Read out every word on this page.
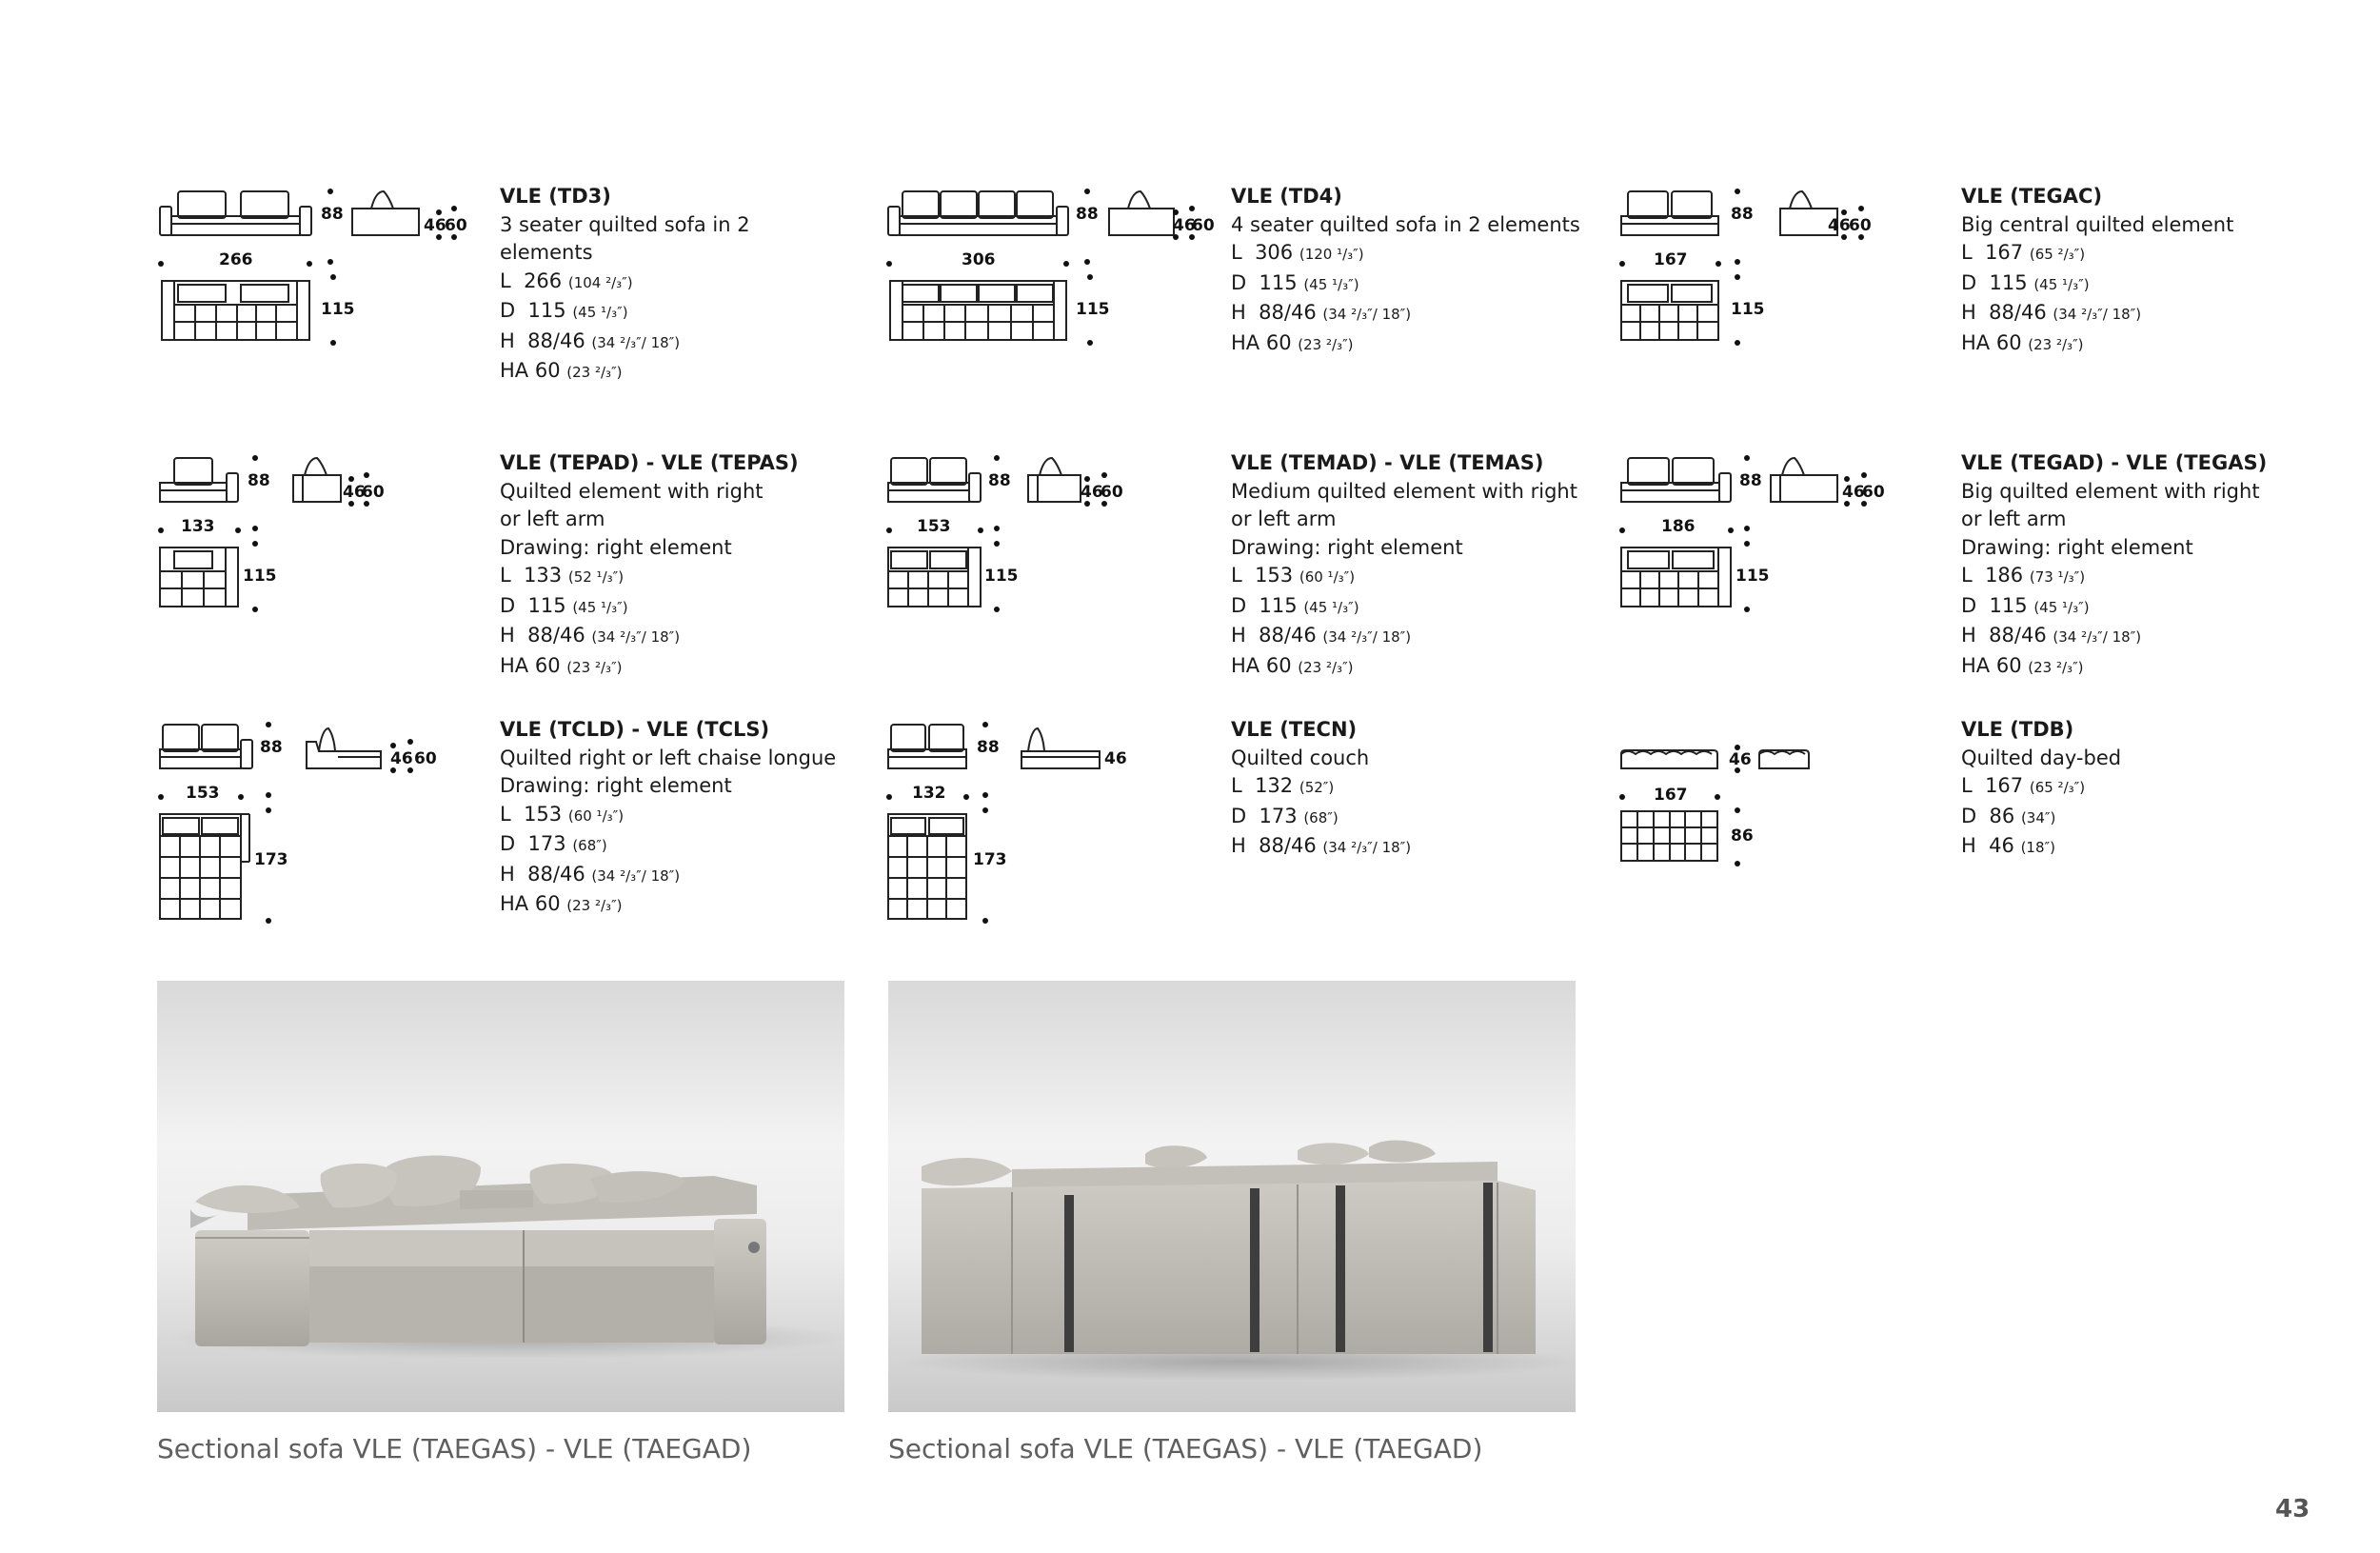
88
266
115
46
60
VLE (TD3)
3 seater quilted sofa in 2
elements
L 266 (104 ²/₃″)
D 115 (45 ¹/₃″)
H 88/46 (34 ²/₃″/ 18″)
HA 60 (23 ²/₃″)
88
306
115
46
60
VLE (TD4)
4 seater quilted sofa in 2 elements
L 306 (120 ¹/₃″)
D 115 (45 ¹/₃″)
H 88/46 (34 ²/₃″/ 18″)
HA 60 (23 ²/₃″)
88
167
115
46
60
VLE (TEGAC)
Big central quilted element
L 167 (65 ²/₃″)
D 115 (45 ¹/₃″)
H 88/46 (34 ²/₃″/ 18″)
HA 60 (23 ²/₃″)
88
133
115
46
60
VLE (TEPAD) - VLE (TEPAS)
Quilted element with right
or left arm
Drawing: right element
L 133 (52 ¹/₃″)
D 115 (45 ¹/₃″)
H 88/46 (34 ²/₃″/ 18″)
HA 60 (23 ²/₃″)
88
153
115
46
60
VLE (TEMAD) - VLE (TEMAS)
Medium quilted element with right
or left arm
Drawing: right element
L 153 (60 ¹/₃″)
D 115 (45 ¹/₃″)
H 88/46 (34 ²/₃″/ 18″)
HA 60 (23 ²/₃″)
88
186
115
46
60
VLE (TEGAD) - VLE (TEGAS)
Big quilted element with right
or left arm
Drawing: right element
L 186 (73 ¹/₃″)
D 115 (45 ¹/₃″)
H 88/46 (34 ²/₃″/ 18″)
HA 60 (23 ²/₃″)
88
153
173
46 60
VLE (TCLD) - VLE (TCLS)
Quilted right or left chaise longue
Drawing: right element
L 153 (60 ¹/₃″)
D 173 (68″)
H 88/46 (34 ²/₃″/ 18″)
HA 60 (23 ²/₃″)
88
132
173
46
VLE (TECN)
Quilted couch
L 132 (52″)
D 173 (68″)
H 88/46 (34 ²/₃″/ 18″)
46
167
86
VLE (TDB)
Quilted day-bed
L 167 (65 ²/₃″)
D 86 (34″)
H 46 (18″)
Sectional sofa VLE (TAEGAS) - VLE (TAEGAD)	Sectional sofa VLE (TAEGAS) - VLE (TAEGAD)
43
